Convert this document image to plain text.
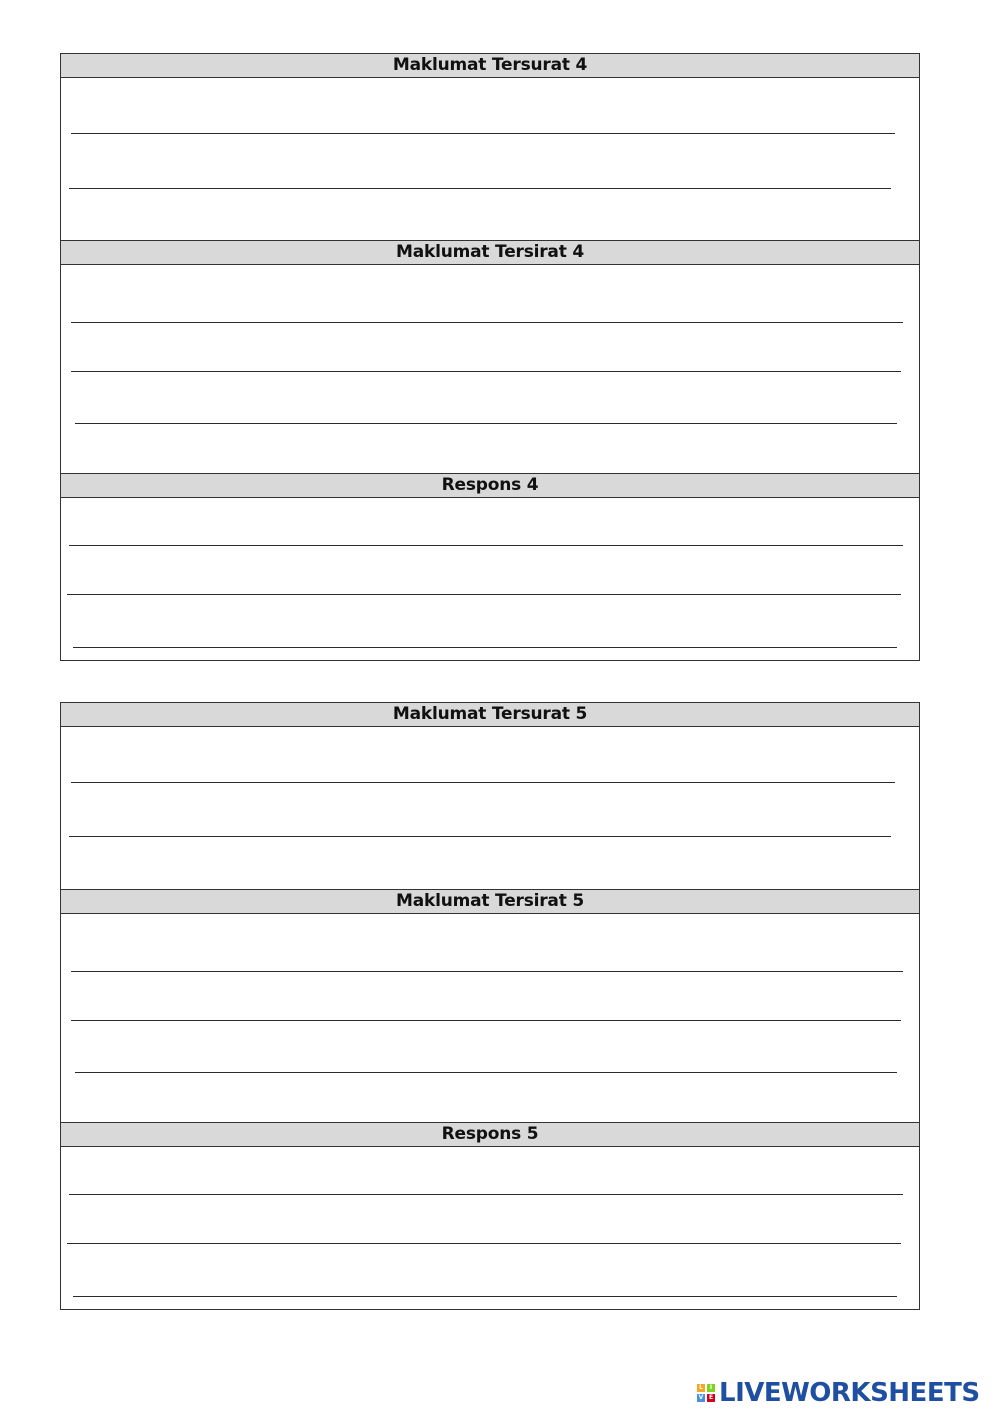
Maklumat Tersurat 4
Maklumat Tersirat 4
Respons 4
Maklumat Tersurat 5
Maklumat Tersirat 5
Respons 5
L	I
V E LIVEWORKSHEETS
